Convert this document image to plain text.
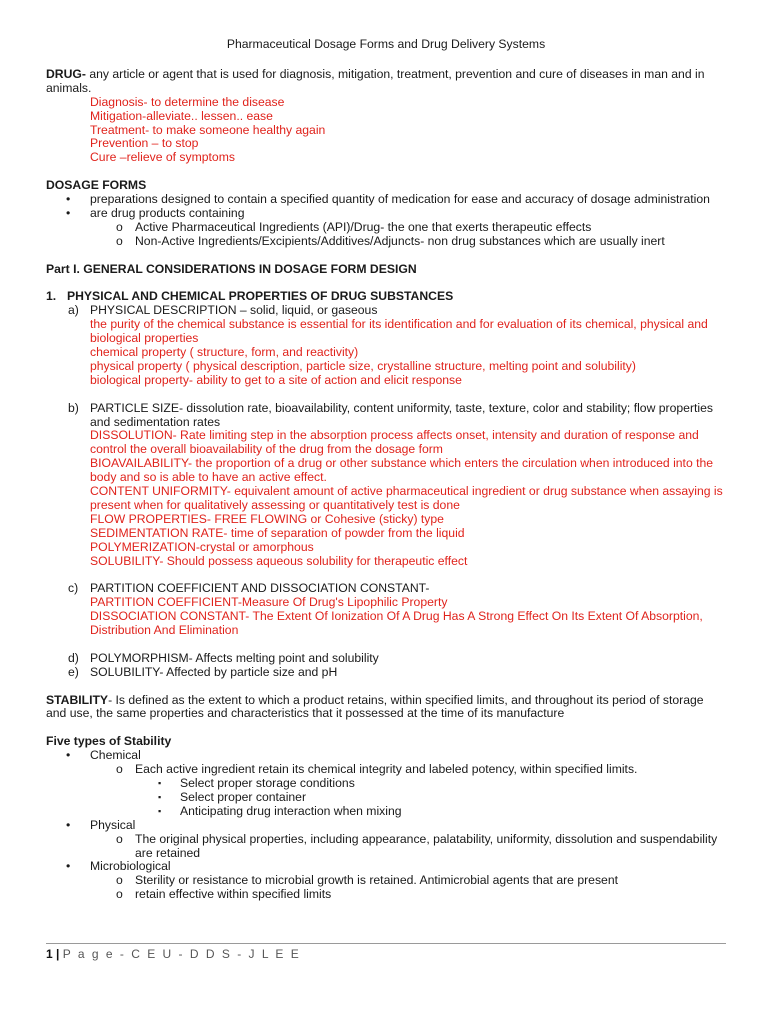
Pharmaceutical Dosage Forms and Drug Delivery Systems

DRUG- any article or agent that is used for diagnosis, mitigation, treatment, prevention and cure of diseases in man and in animals.

Diagnosis- to determine the disease
Mitigation-alleviate.. lessen.. ease
Treatment- to make someone healthy again
Prevention – to stop
Cure –relieve of symptoms
DOSAGE FORMS
• preparations designed to contain a specified quantity of medication for ease and accuracy of dosage administration
• are drug products containing
o Active Pharmaceutical Ingredients (API)/Drug- the one that exerts therapeutic effects
o Non-Active Ingredients/Excipients/Additives/Adjuncts- non drug substances which are usually inert
Part I. GENERAL CONSIDERATIONS IN DOSAGE FORM DESIGN
1. PHYSICAL AND CHEMICAL PROPERTIES OF DRUG SUBSTANCES
a) PHYSICAL DESCRIPTION – solid, liquid, or gaseous
the purity of the chemical substance is essential for its identification and for evaluation of its chemical, physical and biological properties
chemical property ( structure, form, and reactivity)
physical property ( physical description, particle size, crystalline structure, melting point and solubility)
biological property- ability to get to a site of action and elicit response
b) PARTICLE SIZE- dissolution rate, bioavailability, content uniformity, taste, texture, color and stability; flow properties and sedimentation rates
DISSOLUTION- Rate limiting step in the absorption process affects onset, intensity and duration of response and control the overall bioavailability of the drug from the dosage form
BIOAVAILABILITY- the proportion of a drug or other substance which enters the circulation when introduced into the body and so is able to have an active effect.
CONTENT UNIFORMITY- equivalent amount of active pharmaceutical ingredient or drug substance when assaying is present when for qualitatively assessing or quantitatively test is done
FLOW PROPERTIES- FREE FLOWING or Cohesive (sticky) type
SEDIMENTATION RATE- time of separation of powder from the liquid
POLYMERIZATION-crystal or amorphous
SOLUBILITY- Should possess aqueous solubility for therapeutic effect
c) PARTITION COEFFICIENT AND DISSOCIATION CONSTANT-
PARTITION COEFFICIENT-Measure Of Drug's Lipophilic Property
DISSOCIATION CONSTANT- The Extent Of Ionization Of A Drug Has A Strong Effect On Its Extent Of Absorption, Distribution And Elimination
d) POLYMORPHISM- Affects melting point and solubility
e) SOLUBILITY- Affected by particle size and pH

STABILITY- Is defined as the extent to which a product retains, within specified limits, and throughout its period of storage and use, the same properties and characteristics that it possessed at the time of its manufacture

Five types of Stability
• Chemical
o Each active ingredient retain its chemical integrity and labeled potency, within specified limits.
▪ Select proper storage conditions
▪ Select proper container
▪ Anticipating drug interaction when mixing
• Physical
o The original physical properties, including appearance, palatability, uniformity, dissolution and suspendability are retained
• Microbiological
o Sterility or resistance to microbial growth is retained. Antimicrobial agents that are present
o retain effective within specified limits
1 | P a g e - C E U - D D S - J L E E
